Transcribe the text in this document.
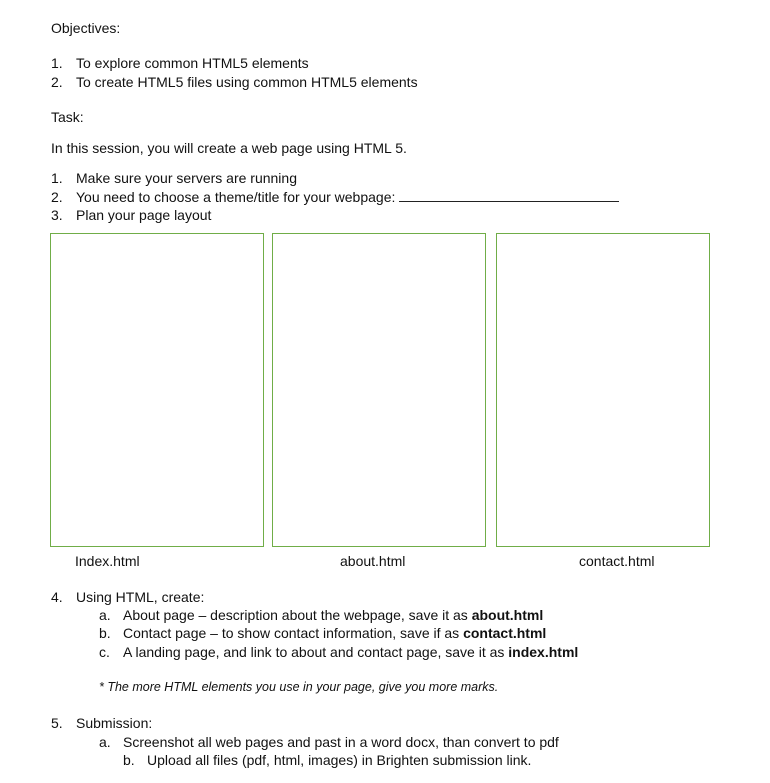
Objectives:
1. To explore common HTML5 elements
2. To create HTML5 files using common HTML5 elements
Task:
In this session, you will create a web page using HTML 5.
1. Make sure your servers are running
2. You need to choose a theme/title for your webpage:
3. Plan your page layout
Index.html	about.html	contact.html
4. Using HTML, create:
a. About page – description about the webpage, save it as about.html
b. Contact page – to show contact information, save if as contact.html
c. A landing page, and link to about and contact page, save it as index.html
* The more HTML elements you use in your page, give you more marks.
5. Submission:
a. Screenshot all web pages and past in a word docx, than convert to pdf
b. Upload all files (pdf, html, images) in Brighten submission link.
